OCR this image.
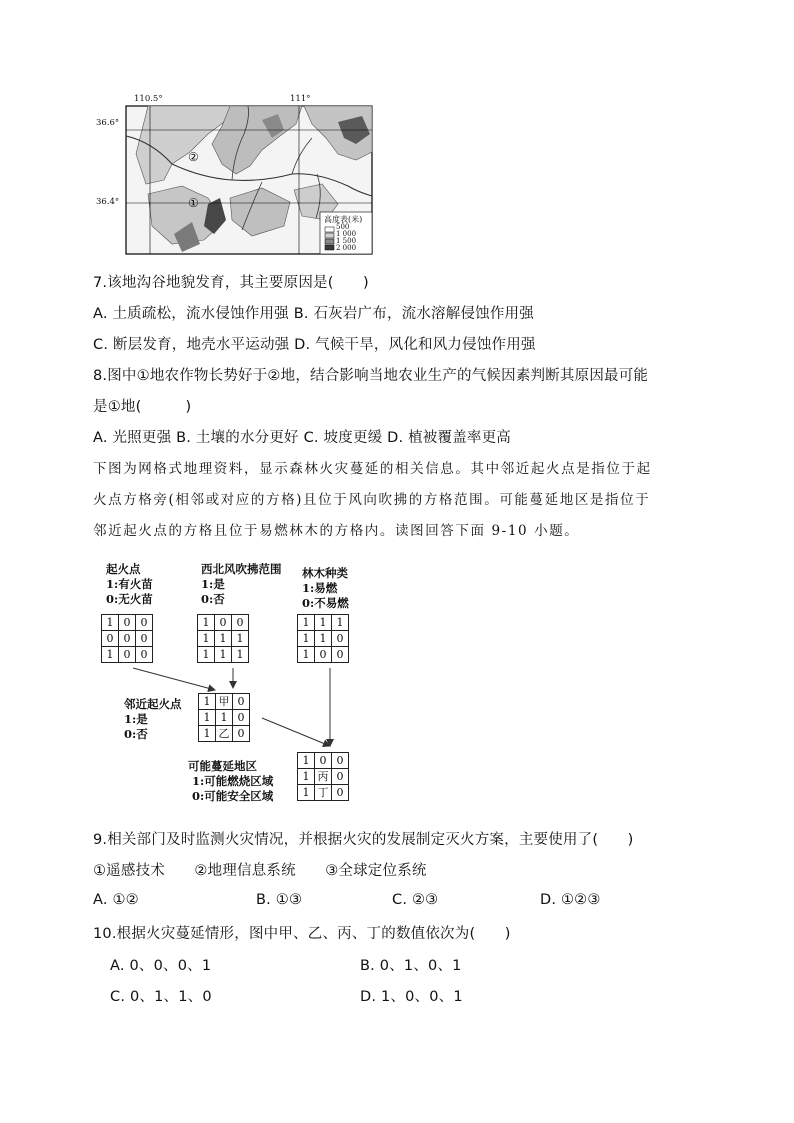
110.5°	111°
36.6°
36.4°
②
①
高度表(米)
500
1 000
1 500
2 000
7.该地沟谷地貌发育，其主要原因是(　　)
A. 土质疏松，流水侵蚀作用强 B. 石灰岩广布，流水溶解侵蚀作用强
C. 断层发育，地壳水平运动强 D. 气候干旱，风化和风力侵蚀作用强
8.图中①地农作物长势好于②地，结合影响当地农业生产的气候因素判断其原因最可能
是①地(　　　)
A. 光照更强 B. 土壤的水分更好 C. 坡度更缓 D. 植被覆盖率更高
下图为网格式地理资料，显示森林火灾蔓延的相关信息。其中邻近起火点是指位于起
火点方格旁(相邻或对应的方格)且位于风向吹拂的方格范围。可能蔓延地区是指位于
邻近起火点的方格且位于易燃林木的方格内。读图回答下面 9-10 小题。
起火点
1:有火苗
0:无火苗
1	0	0
0	0	0
1	0	0
西北风吹拂范围
1:是
0:否
1	0	0
1	1	1
1	1	1
林木种类
1:易燃
0:不易燃
1	1	1
1	1	0
1	0	0
邻近起火点
1:是
0:否
1	甲	0
1	1	0
1	乙	0
可能蔓延地区
1:可能燃烧区域
0:可能安全区域
1	0	0
1	丙	0
1	丁	0
9.相关部门及时监测火灾情况，并根据火灾的发展制定灭火方案，主要使用了(　　)
①遥感技术　　②地理信息系统　　③全球定位系统
A. ①②	B. ①③	C. ②③	D. ①②③
10.根据火灾蔓延情形，图中甲、乙、丙、丁的数值依次为(　　)
A. 0、0、0、1	B. 0、1、0、1
C. 0、1、1、0	D. 1、0、0、1
